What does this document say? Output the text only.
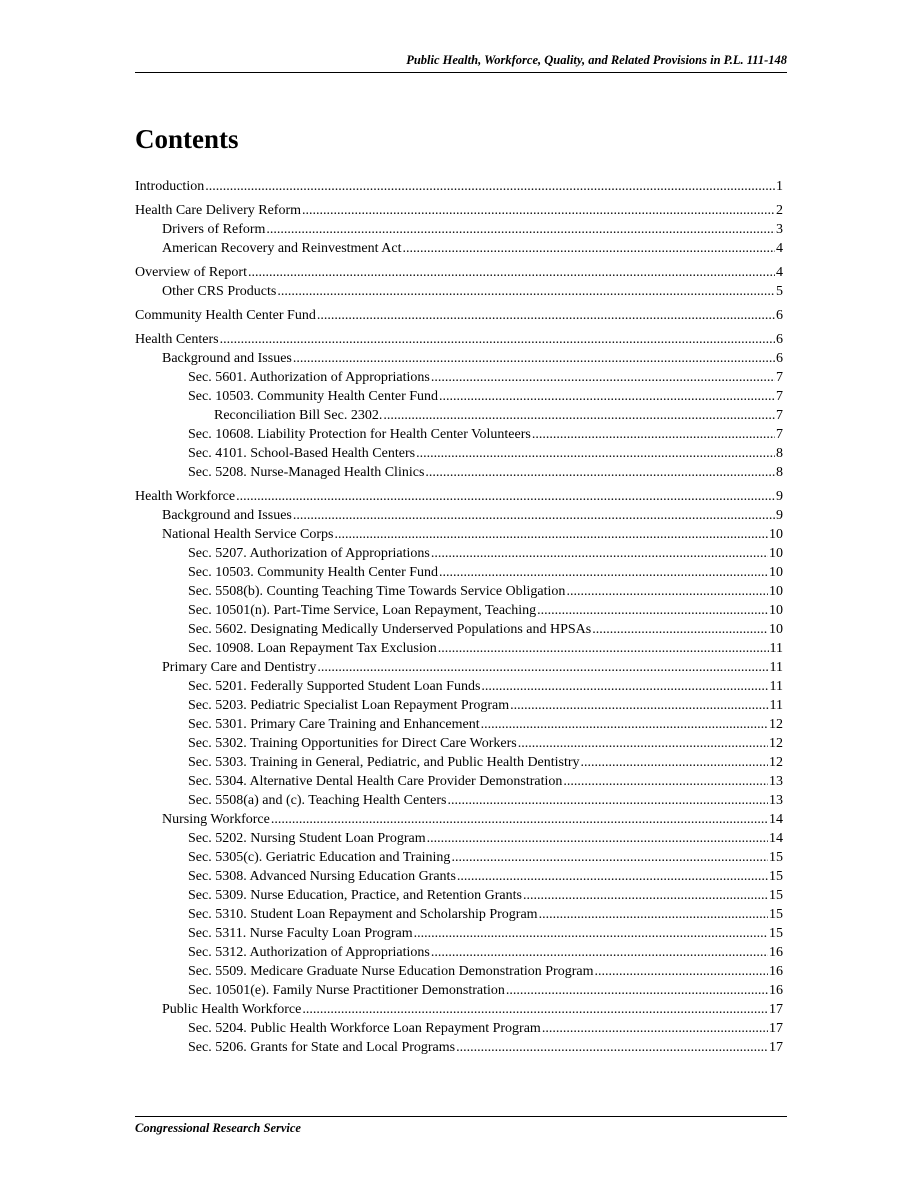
Public Health, Workforce, Quality, and Related Provisions in P.L. 111-148
Contents
Introduction .....	1
Health Care Delivery Reform .....	2
Drivers of Reform .....	3
American Recovery and Reinvestment Act .....	4
Overview of Report .....	4
Other CRS Products .....	5
Community Health Center Fund .....	6
Health Centers .....	6
Background and Issues .....	6
Sec. 5601. Authorization of Appropriations .....	7
Sec. 10503. Community Health Center Fund .....	7
Reconciliation Bill Sec. 2302. .....	7
Sec. 10608. Liability Protection for Health Center Volunteers .....	7
Sec. 4101. School-Based Health Centers .....	8
Sec. 5208. Nurse-Managed Health Clinics .....	8
Health Workforce .....	9
Background and Issues .....	9
National Health Service Corps .....	10
Sec. 5207. Authorization of Appropriations .....	10
Sec. 10503. Community Health Center Fund .....	10
Sec. 5508(b). Counting Teaching Time Towards Service Obligation .....	10
Sec. 10501(n). Part-Time Service, Loan Repayment, Teaching .....	10
Sec. 5602. Designating Medically Underserved Populations and HPSAs .....	10
Sec. 10908. Loan Repayment Tax Exclusion .....	11
Primary Care and Dentistry .....	11
Sec. 5201. Federally Supported Student Loan Funds .....	11
Sec. 5203. Pediatric Specialist Loan Repayment Program .....	11
Sec. 5301. Primary Care Training and Enhancement .....	12
Sec. 5302. Training Opportunities for Direct Care Workers .....	12
Sec. 5303. Training in General, Pediatric, and Public Health Dentistry .....	12
Sec. 5304. Alternative Dental Health Care Provider Demonstration .....	13
Sec. 5508(a) and (c). Teaching Health Centers .....	13
Nursing Workforce .....	14
Sec. 5202. Nursing Student Loan Program .....	14
Sec. 5305(c). Geriatric Education and Training .....	15
Sec. 5308. Advanced Nursing Education Grants .....	15
Sec. 5309. Nurse Education, Practice, and Retention Grants .....	15
Sec. 5310. Student Loan Repayment and Scholarship Program .....	15
Sec. 5311. Nurse Faculty Loan Program .....	15
Sec. 5312. Authorization of Appropriations .....	16
Sec. 5509. Medicare Graduate Nurse Education Demonstration Program .....	16
Sec. 10501(e). Family Nurse Practitioner Demonstration .....	16
Public Health Workforce .....	17
Sec. 5204. Public Health Workforce Loan Repayment Program .....	17
Sec. 5206. Grants for State and Local Programs .....	17
Congressional Research Service
